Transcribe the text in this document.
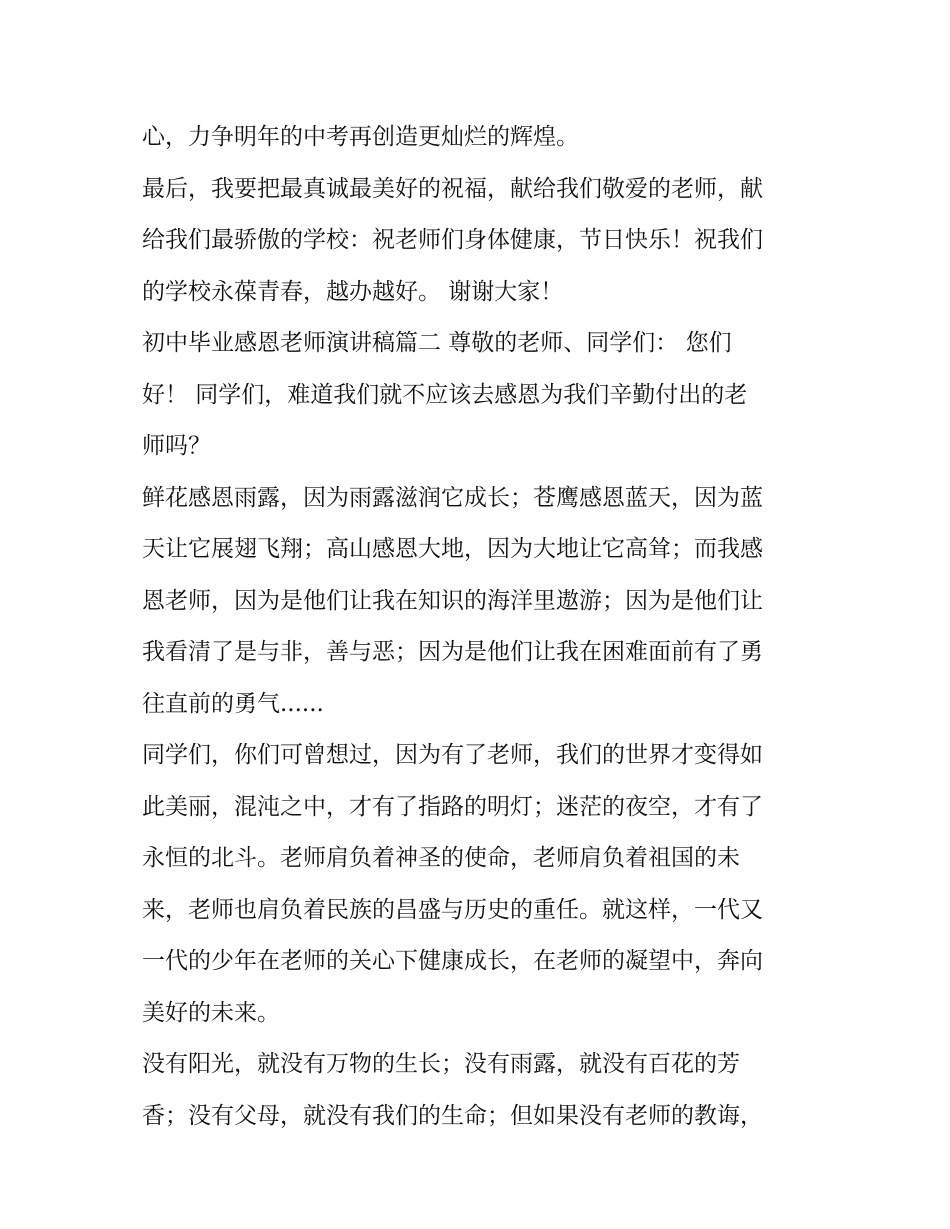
心，力争明年的中考再创造更灿烂的辉煌。
最后，我要把最真诚最美好的祝福，献给我们敬爱的老师，献
给我们最骄傲的学校：祝老师们身体健康，节日快乐！祝我们
的学校永葆青春，越办越好。 谢谢大家！
初中毕业感恩老师演讲稿篇二 尊敬的老师、同学们： 您们
好！ 同学们，难道我们就不应该去感恩为我们辛勤付出的老
师吗？
鲜花感恩雨露，因为雨露滋润它成长；苍鹰感恩蓝天，因为蓝
天让它展翅飞翔；高山感恩大地，因为大地让它高耸；而我感
恩老师，因为是他们让我在知识的海洋里遨游；因为是他们让
我看清了是与非，善与恶；因为是他们让我在困难面前有了勇
往直前的勇气......
同学们，你们可曾想过，因为有了老师，我们的世界才变得如
此美丽，混沌之中，才有了指路的明灯；迷茫的夜空，才有了
永恒的北斗。老师肩负着神圣的使命，老师肩负着祖国的未
来，老师也肩负着民族的昌盛与历史的重任。就这样，一代又
一代的少年在老师的关心下健康成长，在老师的凝望中，奔向
美好的未来。
没有阳光，就没有万物的生长；没有雨露，就没有百花的芳
香；没有父母，就没有我们的生命；但如果没有老师的教诲，
